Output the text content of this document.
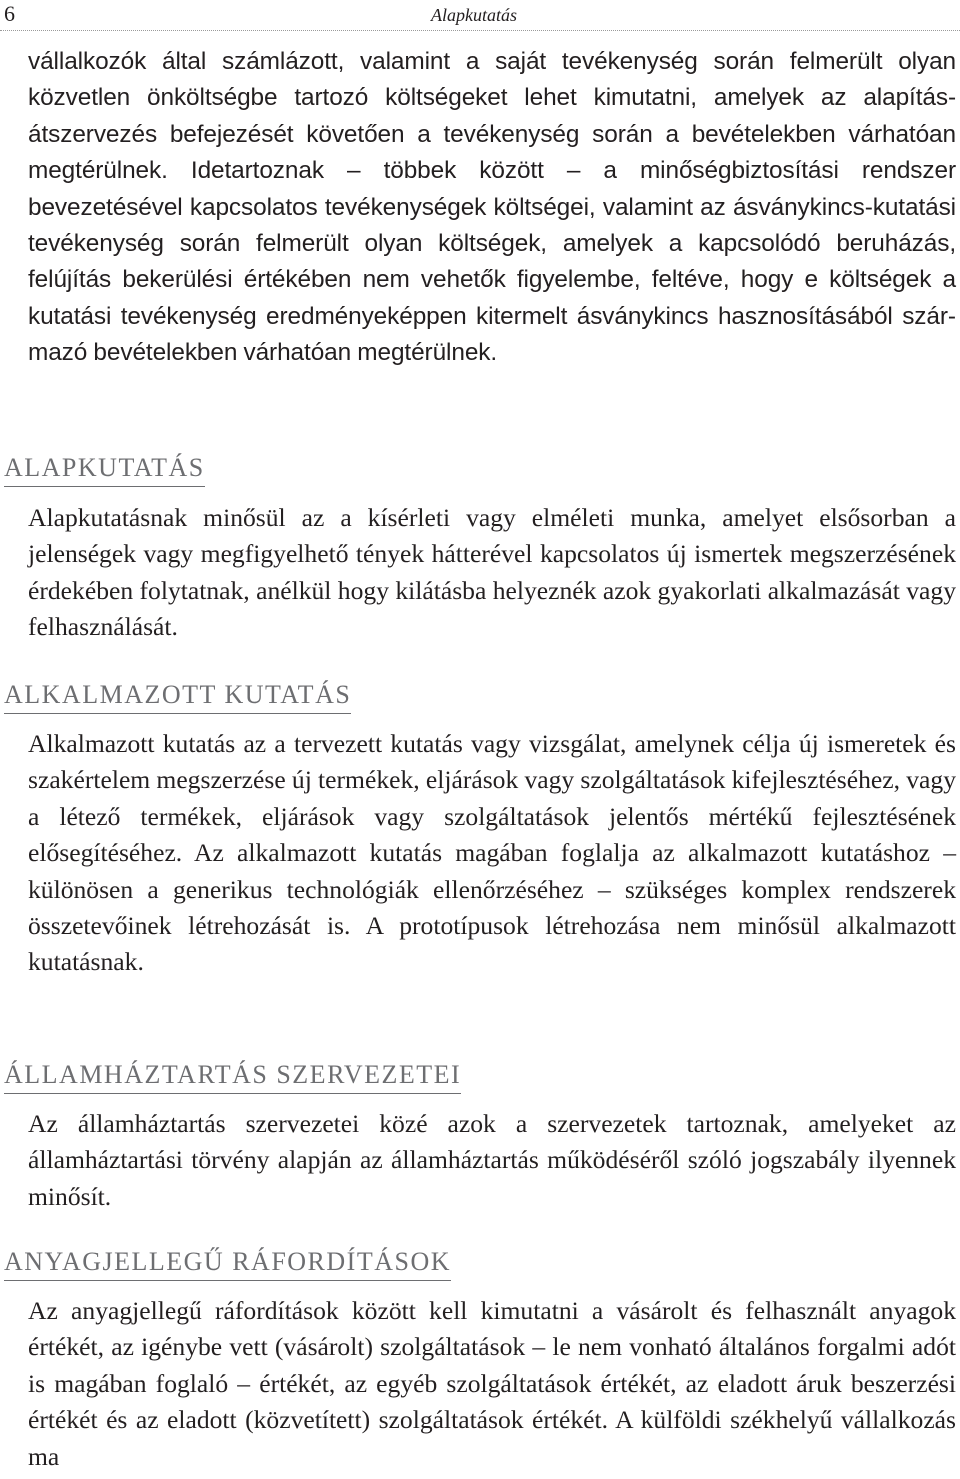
6	Alapkutatás

vállalkozók által számlázott, valamint a saját tevékenység során felmerült olyan közvetlen önköltségbe tartozó költségeket lehet kimutatni, amelyek az alapítás-átszervezés befejezését követően a tevékenység során a bevételekben várhatóan megtérülnek. Idetartoznak – többek között – a minőségbiztosítási rendszer bevezetésével kapcsolatos tevékenységek költségei, valamint az ásványkincs-kutatási tevékenység során felmerült olyan költségek, amelyek a kapcsolódó beruházás, felújítás bekerülési értékében nem vehetők figyelembe, feltéve, hogy e költségek a kutatási tevékenység eredményeképpen kitermelt ásványkincs hasznosításából származó bevételekben várhatóan megtérülnek.

ALAPKUTATÁS

Alapkutatásnak minősül az a kísérleti vagy elméleti munka, amelyet elsősorban a jelenségek vagy megfigyelhető tények hátterével kapcsolatos új ismertek megszerzésének érdekében folytatnak, anélkül hogy kilátásba helyeznék azok gyakorlati alkalmazását vagy felhasználását.

ALKALMAZOTT KUTATÁS

Alkalmazott kutatás az a tervezett kutatás vagy vizsgálat, amelynek célja új ismeretek és szakértelem megszerzése új termékek, eljárások vagy szolgáltatások kifejlesztéséhez, vagy a létező termékek, eljárások vagy szolgáltatások jelentős mértékű fejlesztésének elősegítéséhez. Az alkalmazott kutatás magában foglalja az alkalmazott kutatáshoz – különösen a generikus technológiák ellenőrzéséhez – szükséges komplex rendszerek összetevőinek létrehozását is. A prototípusok létrehozása nem minősül alkalmazott kutatásnak.

ÁLLAMHÁZTARTÁS SZERVEZETEI

Az államháztartás szervezetei közé azok a szervezetek tartoznak, amelyeket az államháztartási törvény alapján az államháztartás működéséről szóló jogszabály ilyennek minősít.

ANYAGJELLEGŰ RÁFORDÍTÁSOK

Az anyagjellegű ráfordítások között kell kimutatni a vásárolt és felhasznált anyagok értékét, az igénybe vett (vásárolt) szolgáltatások – le nem vonható általános forgalmi adót is magában foglaló – értékét, az egyéb szolgáltatások értékét, az eladott áruk beszerzési értékét és az eladott (közvetített) szolgáltatások értékét. A külföldi székhelyű vállalkozás ma
